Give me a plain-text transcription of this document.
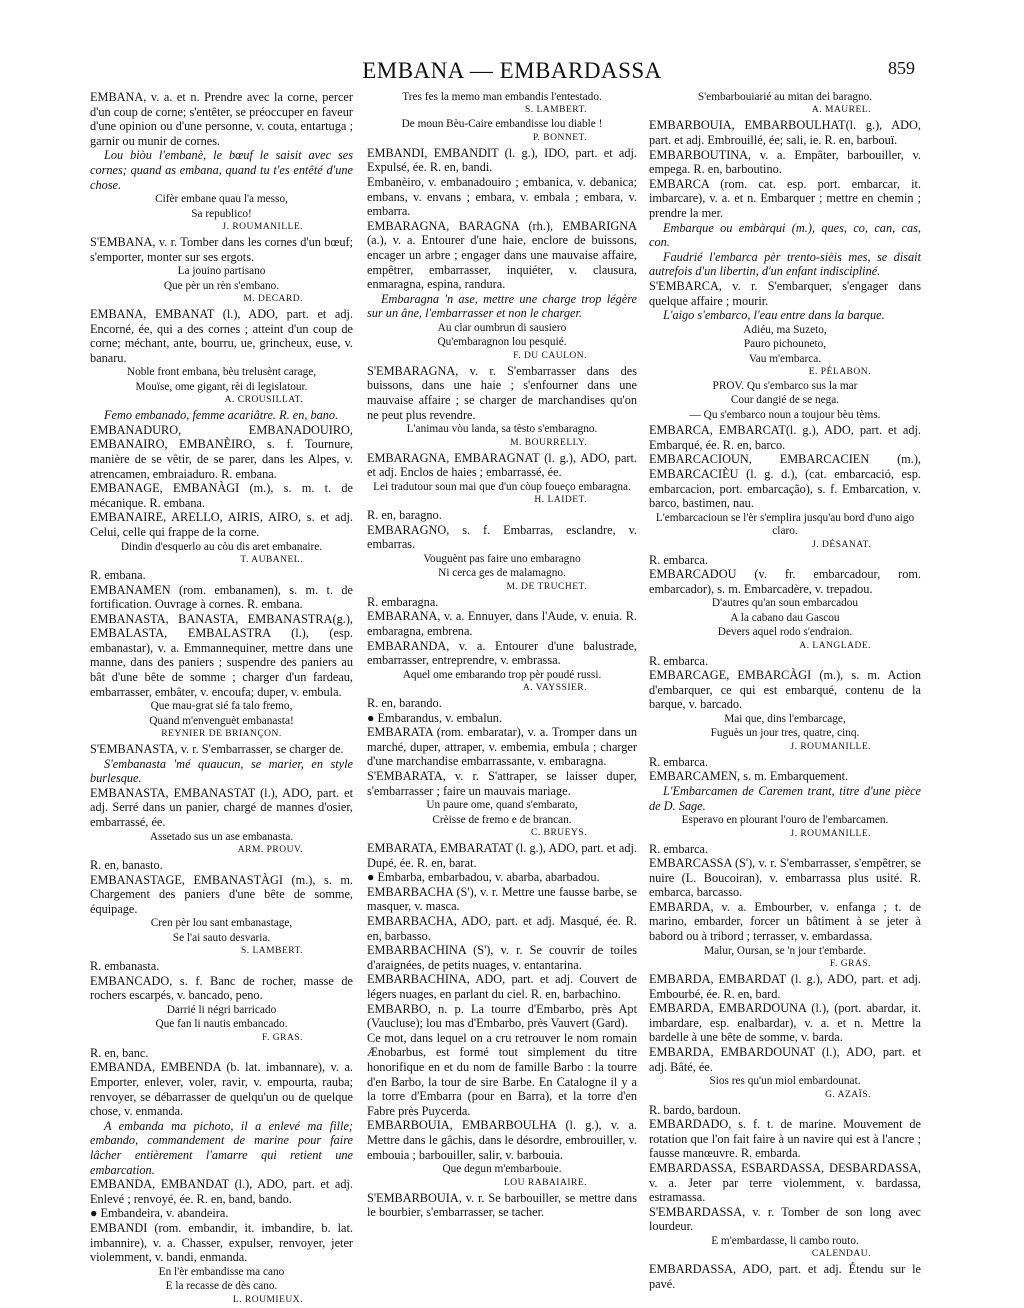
EMBANA — EMBARDASSA	859

EMBANA, v. a. et n. Prendre avec la corne, percer d'un coup de corne; s'entêter, se préoccuper en faveur d'une opinion ou d'une personne, v. couta, entartuga ; garnir ou munir de cornes.

Lou biòu l'embanè, le bœuf le saisit avec ses cornes; quand as embana, quand tu t'es entêté d'une chose.

Cifèr embane quau l'a messo,

Sa republico!

J. ROUMANILLE.

S'EMBANA, v. r. Tomber dans les cornes d'un bœuf; s'emporter, monter sur ses ergots.

La jouino partisano

Que pèr un rèn s'embano.

M. DECARD.

EMBANA, EMBANAT (l.), ADO, part. et adj. Encorné, ée, qui a des cornes ; atteint d'un coup de corne; méchant, ante, bourru, ue, grincheux, euse, v. banaru.

Noble front embana, bèu trelusènt carage,

Mouïse, ome gigant, rèi di legislatour.

A. CROUSILLAT.

Femo embanado, femme acariâtre. R. en, bano.

EMBANADURO, EMBANADOUIRO, EMBANAIRO, EMBANÈIRO, s. f. Tournure, manière de se vêtir, de se parer, dans les Alpes, v. atrencamen, embraiaduro. R. embana.

EMBANAGE, EMBANÀGI (m.), s. m. t. de mécanique. R. embana.

EMBANAIRE, ARELLO, AIRIS, AIRO, s. et adj. Celui, celle qui frappe de la corne.

Dindin d'esquerlo au còu dis aret embanaire.

T. AUBANEL.

R. embana.

EMBANAMEN (rom. embanamen), s. m. t. de fortification. Ouvrage à cornes. R. embana.

EMBANASTA, BANASTA, EMBANASTRA(g.), EMBALASTA, EMBALASTRA (l.), (esp. embanastar), v. a. Emmannequiner, mettre dans une manne, dans des paniers ; suspendre des paniers au bât d'une bête de somme ; charger d'un fardeau, embarrasser, embâter, v. encoufa; duper, v. embula.

Que mau-grat sié fa talo fremo,

Quand m'envenguèt embanasta!

REYNIER DE BRIANÇON.

S'EMBANASTA, v. r. S'embarrasser, se charger de.

S'embanasta 'mé quaucun, se marier, en style burlesque.

EMBANASTA, EMBANASTAT (l.), ADO, part. et adj. Serré dans un panier, chargé de mannes d'osier, embarrassé, ée.

Assetado sus un ase embanasta.

ARM. PROUV.

R. en, banasto.

EMBANASTAGE, EMBANASTÀGI (m.), s. m. Chargement des paniers d'une bête de somme, équipage.

Cren pèr lou sant embanastage,

Se l'ai sauto desvaria.

S. LAMBERT.

R. embanasta.

EMBANCADO, s. f. Banc de rocher, masse de rochers escarpés, v. bancado, peno.

Darrié li négri barricado

Que fan li nautis embancado.

F. GRAS.

R. en, banc.

EMBANDA, EMBENDA (b. lat. imbannare), v. a. Emporter, enlever, voler, ravir, v. empourta, rauba; renvoyer, se débarrasser de quelqu'un ou de quelque chose, v. enmanda.

A embanda ma pichoto, il a enlevé ma fille; embando, commandement de marine pour faire lâcher entièrement l'amarre qui retient une embarcation.

EMBANDA, EMBANDAT (l.), ADO, part. et adj. Enlevé ; renvoyé, ée. R. en, band, bando.

● Embandeira, v. abandeira.

EMBANDI (rom. embandir, it. imbandire, b. lat. imbannire), v. a. Chasser, expulser, renvoyer, jeter violemment, v. bandi, enmanda.

En l'èr embandisse ma cano

E la recasse de dès cano.

L. ROUMIEUX.

Tres fes la memo man embandis l'entestado.

S. LAMBERT.

De moun Bèu-Caire embandisse lou diable !

P. BONNET.

EMBANDI, EMBANDIT (l. g.), IDO, part. et adj. Expulsé, ée. R. en, bandi.

Embanèiro, v. embanadouiro ; embanica, v. debanica; embans, v. envans ; embara, v. embala ; embara, v. embarra.

EMBARAGNA, BARAGNA (rh.), EMBARIGNA (a.), v. a. Entourer d'une haie, enclore de buissons, encager un arbre ; engager dans une mauvaise affaire, empêtrer, embarrasser, inquiéter, v. clausura, enmaragna, espina, randura.

Embaragna 'n ase, mettre une charge trop légère sur un âne, l'embarrasser et non le charger.

Au clar oumbrun di sausiero

Qu'embaragnon lou pesquié.

F. DU CAULON.

S'EMBARAGNA, v. r. S'embarrasser dans des buissons, dans une haie ; s'enfourner dans une mauvaise affaire ; se charger de marchandises qu'on ne peut plus revendre.

L'animau vòu landa, sa tèsto s'embaragno.

M. BOURRELLY.

EMBARAGNA, EMBARAGNAT (l. g.), ADO, part. et adj. Enclos de haies ; embarrassé, ée.

Lei tradutour soun mai que d'un còup foueço embaragna.

H. LAIDET.

R. en, baragno.

EMBARAGNO, s. f. Embarras, esclandre, v. embarras.

Vouguènt pas faire uno embaragno

Ni cerca ges de malamagno.

M. DE TRUCHET.

R. embaragna.

EMBARANA, v. a. Ennuyer, dans l'Aude, v. enuia. R. embaragna, embrena.

EMBARANDA, v. a. Entourer d'une balustrade, embarrasser, entreprendre, v. embrassa.

Aquel ome embarando trop pèr poudé russi.

A. VAYSSIER.

R. en, barando.

● Embarandus, v. embalun.

EMBARATA (rom. embaratar), v. a. Tromper dans un marché, duper, attraper, v. embemia, embula ; charger d'une marchandise embarrassante, v. embaragna.

S'EMBARATA, v. r. S'attraper, se laisser duper, s'embarrasser ; faire un mauvais mariage.

Un paure ome, quand s'embarato,

Crèisse de fremo e de brancan.

C. BRUEYS.

EMBARATA, EMBARATAT (l. g.), ADO, part. et adj. Dupé, ée. R. en, barat.

● Embarba, embarbadou, v. abarba, abarbadou.

EMBARBACHA (S'), v. r. Mettre une fausse barbe, se masquer, v. masca.

EMBARBACHA, ADO, part. et adj. Masqué, ée. R. en, barbasso.

EMBARBACHINA (S'), v. r. Se couvrir de toiles d'araignées, de petits nuages, v. entantarina.

EMBARBACHINA, ADO, part. et adj. Couvert de légers nuages, en parlant du ciel. R. en, barbachino.

EMBARBO, n. p. La tourre d'Embarbo, près Apt (Vaucluse); lou mas d'Embarbo, près Vauvert (Gard).

Ce mot, dans lequel on a cru retrouver le nom romain Ænobarbus, est formé tout simplement du titre honorifique en et du nom de famille Barbo : la tourre d'en Barbo, la tour de sire Barbe. En Catalogne il y a la torre d'Embarra (pour en Barra), et la torre d'en Fabre près Puycerda.

EMBARBOUIA, EMBARBOULHA (l. g.), v. a. Mettre dans le gâchis, dans le désordre, embrouiller, v. embouia ; barbouiller, salir, v. barbouia.

Que degun m'embarbouie.

LOU RABAIAIRE.

S'EMBARBOUIA, v. r. Se barbouiller, se mettre dans le bourbier, s'embarrasser, se tacher.

S'embarbouiarié au mitan dei baragno.

A. MAUREL.

EMBARBOUIA, EMBARBOULHAT(l. g.), ADO, part. et adj. Embrouillé, ée; sali, ie. R. en, barbouï.

EMBARBOUTINA, v. a. Empâter, barbouiller, v. empega. R. en, barboutino.

EMBARCA (rom. cat. esp. port. embarcar, it. imbarcare), v. a. et n. Embarquer ; mettre en chemin ; prendre la mer.

Embarque ou embàrqui (m.), ques, co, can, cas, con.

Faudrié l'embarca pèr trento-sièis mes, se disait autrefois d'un libertin, d'un enfant indiscipliné.

S'EMBARCA, v. r. S'embarquer, s'engager dans quelque affaire ; mourir.

L'aigo s'embarco, l'eau entre dans la barque.

Adiéu, ma Suzeto,

Pauro pichouneto,

Vau m'embarca.

E. PÉLABON.

PROV. Qu s'embarco sus la mar

Cour dangié de se nega.

— Qu s'embarco noun a toujour bèu tèms.

EMBARCA, EMBARCAT(l. g.), ADO, part. et adj. Embarqué, ée. R. en, barco.

EMBARCACIOUN, EMBARCACIEN (m.), EMBARCACIÈU (l. g. d.), (cat. embarcació, esp. embarcacion, port. embarcação), s. f. Embarcation, v. barco, bastimen, nau.

L'embarcacioun se l'èr s'emplira jusqu'au bord d'uno aigo claro.

J. DÉSANAT.

R. embarca.

EMBARCADOU (v. fr. embarcadour, rom. embarcador), s. m. Embarcadère, v. trepadou.

D'autres qu'an soun embarcadou

A la cabano dau Gascou

Devers aquel rodo s'endraion.

A. LANGLADE.

R. embarca.

EMBARCAGE, EMBARCÀGI (m.), s. m. Action d'embarquer, ce qui est embarqué, contenu de la barque, v. barcado.

Mai que, dins l'embarcage,

Fuguès un jour tres, quatre, cinq.

J. ROUMANILLE.

R. embarca.

EMBARCAMEN, s. m. Embarquement.

L'Embarcamen de Caremen trant, titre d'une pièce de D. Sage.

Esperavo en plourant l'ouro de l'embarcamen.

J. ROUMANILLE.

R. embarca.

EMBARCASSA (S'), v. r. S'embarrasser, s'empêtrer, se nuire (L. Boucoiran), v. embarrassa plus usité. R. embarca, barcasso.

EMBARDA, v. a. Embourber, v. enfanga ; t. de marino, embarder, forcer un bâtiment à se jeter à babord ou à tribord ; terrasser, v. embardassa.

Malur, Oursan, se 'n jour t'embarde.

F. GRAS.

EMBARDA, EMBARDAT (l. g.), ADO, part. et adj. Embourbé, ée. R. en, bard.

EMBARDA, EMBARDOUNA (l.), (port. abardar, it. imbardare, esp. enalbardar), v. a. et n. Mettre la bardelle à une bête de somme, v. barda.

EMBARDA, EMBARDOUNAT (l.), ADO, part. et adj. Bâté, ée.

Sios res qu'un miol embardounat.

G. AZAÏS.

R. bardo, bardoun.

EMBARDADO, s. f. t. de marine. Mouvement de rotation que l'on fait faire à un navire qui est à l'ancre ; fausse manœuvre. R. embarda.

EMBARDASSA, ESBARDASSA, DESBARDASSA, v. a. Jeter par terre violemment, v. bardassa, estramassa.

S'EMBARDASSA, v. r. Tomber de son long avec lourdeur.

E m'embardasse, li cambo routo.

CALENDAU.

EMBARDASSA, ADO, part. et adj. Étendu sur le pavé.
